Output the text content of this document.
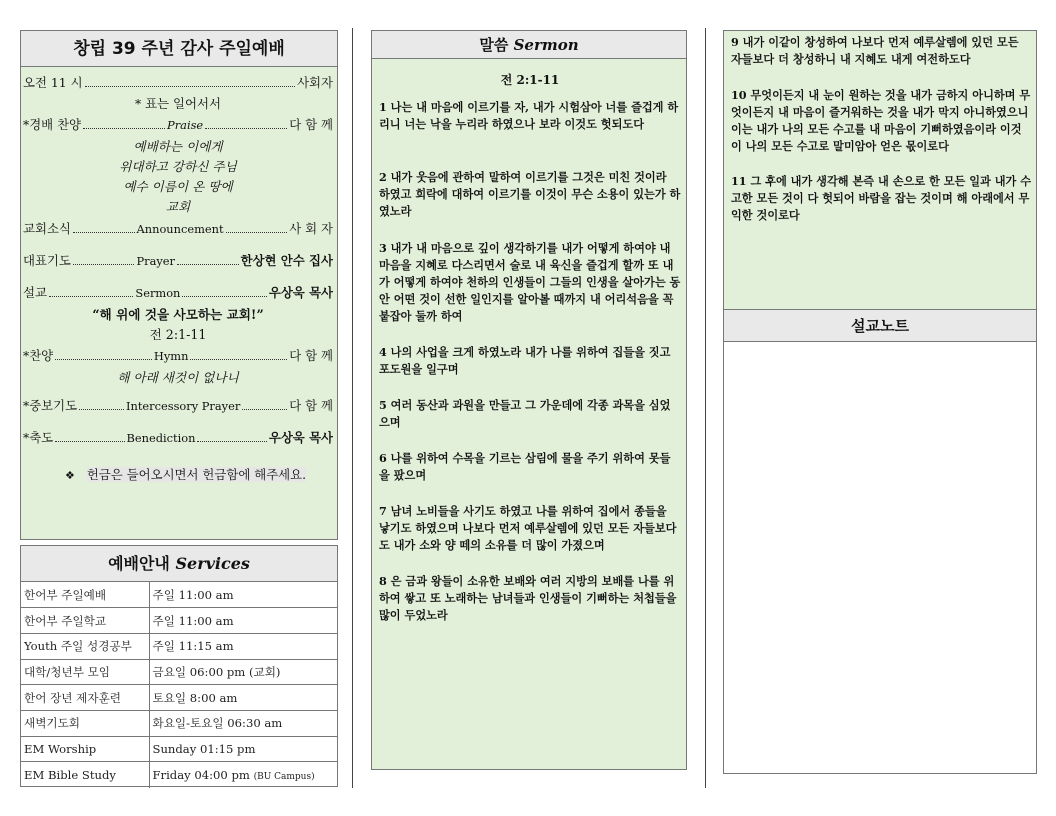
창립 39 주년 감사 주일예배
오전 11 시	사회자
* 표는 일어서서
*경배 찬양	Praise	다 함 께
예배하는 이에게
위대하고 강하신 주님
예수 이름이 온 땅에
교회
교회소식	Announcement	사 회 자
대표기도	Prayer	한상현 안수 집사
설교	Sermon	우상욱 목사
“해 위에 것을 사모하는 교회!”
전 2:1-11
*찬양	Hymn	다 함 께
해 아래 새것이 없나니
*중보기도	Intercessory Prayer	다 함 께
*축도	Benediction	우상욱 목사
❖ 헌금은 들어오시면서 헌금함에 해주세요.
예배안내 Services
한어부 주일예배	주일 11:00 am
한어부 주일학교	주일 11:00 am
Youth 주일 성경공부	주일 11:15 am
대학/청년부 모임	금요일 06:00 pm (교회)
한어 장년 제자훈련	토요일 8:00 am
새벽기도회	화요일-토요일 06:30 am
EM Worship	Sunday 01:15 pm
EM Bible Study	Friday 04:00 pm (BU Campus)
말씀 Sermon
전 2:1-11

1 나는 내 마음에 이르기를 자, 내가 시험삼아 너를 즐겁게 하리니 너는 낙을 누리라 하였으나 보라 이것도 헛되도다

2 내가 웃음에 관하여 말하여 이르기를 그것은 미친 것이라 하였고 희락에 대하여 이르기를 이것이 무슨 소용이 있는가 하였노라

3 내가 내 마음으로 깊이 생각하기를 내가 어떻게 하여야 내 마음을 지혜로 다스리면서 술로 내 육신을 즐겁게 할까 또 내가 어떻게 하여야 천하의 인생들이 그들의 인생을 살아가는 동안 어떤 것이 선한 일인지를 알아볼 때까지 내 어리석음을 꼭 붙잡아 둘까 하여

4 나의 사업을 크게 하였노라 내가 나를 위하여 집들을 짓고 포도원을 일구며

5 여러 동산과 과원을 만들고 그 가운데에 각종 과목을 심었으며

6 나를 위하여 수목을 기르는 삼림에 물을 주기 위하여 못들을 팠으며

7 남녀 노비들을 사기도 하였고 나를 위하여 집에서 종들을 낳기도 하였으며 나보다 먼저 예루살렘에 있던 모든 자들보다도 내가 소와 양 떼의 소유를 더 많이 가졌으며

8 은 금과 왕들이 소유한 보배와 여러 지방의 보배를 나를 위하여 쌓고 또 노래하는 남녀들과 인생들이 기뻐하는 처첩들을 많이 두었노라

9 내가 이같이 창성하여 나보다 먼저 예루살렘에 있던 모든 자들보다 더 창성하니 내 지혜도 내게 여전하도다

10 무엇이든지 내 눈이 원하는 것을 내가 금하지 아니하며 무엇이든지 내 마음이 즐거워하는 것을 내가 막지 아니하였으니 이는 내가 나의 모든 수고를 내 마음이 기뻐하였음이라 이것이 나의 모든 수고로 말미암아 얻은 몫이로다

11 그 후에 내가 생각해 본즉 내 손으로 한 모든 일과 내가 수고한 모든 것이 다 헛되어 바람을 잡는 것이며 해 아래에서 무익한 것이로다

설교노트
